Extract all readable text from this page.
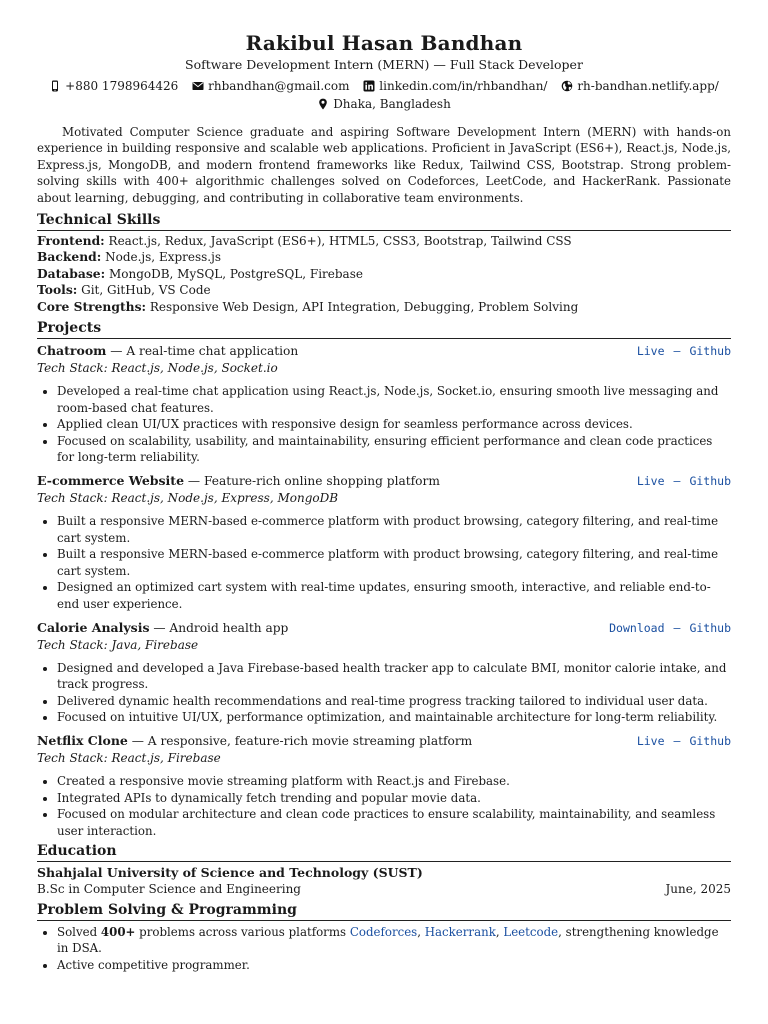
Rakibul Hasan Bandhan
Software Development Intern (MERN) — Full Stack Developer
+880 1798964426
rhbandhan@gmail.com
linkedin.com/in/rhbandhan/
rh-bandhan.netlify.app/

Dhaka, Bangladesh
Motivated Computer Science graduate and aspiring Software Development Intern (MERN) with hands-on experience in building responsive and scalable web applications. Proficient in JavaScript (ES6+), React.js, Node.js, Express.js, MongoDB, and modern frontend frameworks like Redux, Tailwind CSS, Bootstrap. Strong problem-solving skills with 400+ algorithmic challenges solved on Codeforces, LeetCode, and HackerRank. Passionate about learning, debugging, and contributing in collaborative team environments.
Technical Skills
Frontend: React.js, Redux, JavaScript (ES6+), HTML5, CSS3, Bootstrap, Tailwind CSS
Backend: Node.js, Express.js
Database: MongoDB, MySQL, PostgreSQL, Firebase
Tools: Git, GitHub, VS Code
Core Strengths: Responsive Web Design, API Integration, Debugging, Problem Solving
Projects
Chatroom — A real-time chat application	Live — Github
Tech Stack: React.js, Node.js, Socket.io
• Developed a real-time chat application using React.js, Node.js, Socket.io, ensuring smooth live messaging and room-based chat features.
• Applied clean UI/UX practices with responsive design for seamless performance across devices.
• Focused on scalability, usability, and maintainability, ensuring efficient performance and clean code practices for long-term reliability.
E-commerce Website — Feature-rich online shopping platform	Live — Github
Tech Stack: React.js, Node.js, Express, MongoDB
• Built a responsive MERN-based e-commerce platform with product browsing, category filtering, and real-time cart system.
• Built a responsive MERN-based e-commerce platform with product browsing, category filtering, and real-time cart system.
• Designed an optimized cart system with real-time updates, ensuring smooth, interactive, and reliable end-to-end user experience.
Calorie Analysis — Android health app	Download — Github
Tech Stack: Java, Firebase
• Designed and developed a Java Firebase-based health tracker app to calculate BMI, monitor calorie intake, and track progress.
• Delivered dynamic health recommendations and real-time progress tracking tailored to individual user data.
• Focused on intuitive UI/UX, performance optimization, and maintainable architecture for long-term reliability.
Netflix Clone — A responsive, feature-rich movie streaming platform	Live — Github
Tech Stack: React.js, Firebase
• Created a responsive movie streaming platform with React.js and Firebase.
• Integrated APIs to dynamically fetch trending and popular movie data.
• Focused on modular architecture and clean code practices to ensure scalability, maintainability, and seamless user interaction.
Education
Shahjalal University of Science and Technology (SUST)
B.Sc in Computer Science and Engineering	June, 2025
Problem Solving & Programming
• Solved 400+ problems across various platforms Codeforces, Hackerrank, Leetcode, strengthening knowledge in DSA.
• Active competitive programmer.
